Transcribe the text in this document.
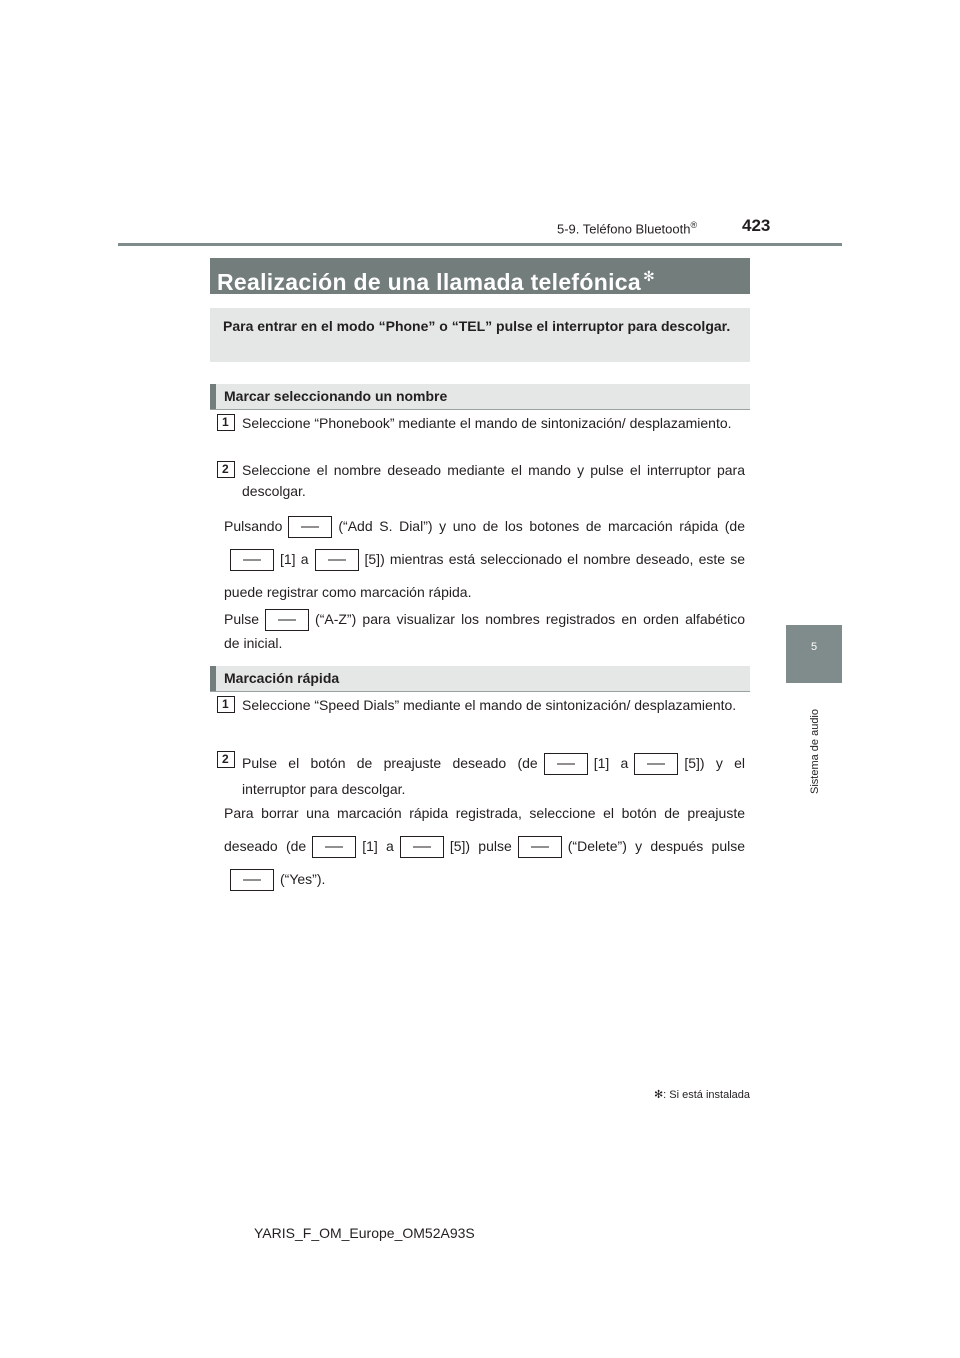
5-9. Teléfono Bluetooth®	423
5
Sistema de audio
Realización de una llamada telefónica ✻
Para entrar en el modo “Phone” o “TEL” pulse el interruptor para descolgar.
Marcar seleccionando un nombre
1 Seleccione “Phonebook” mediante el mando de sintonización/ desplazamiento.
2 Seleccione el nombre deseado mediante el mando y pulse el interruptor para descolgar.
Pulsando	(“Add S. Dial”) y uno de los botones de marcación rápida (de[1] a	[5]) mientras está seleccionado el nombre deseado, este se puede registrar como marcación rápida.
Pulse	(“A-Z”) para visualizar los nombres registrados en orden alfabético de inicial.
Marcación rápida
1 Seleccione “Speed Dials” mediante el mando de sintonización/ desplazamiento.
2 Pulse el botón de preajuste deseado (de	[1] a	[5]) y el interruptor para descolgar.
Para borrar una marcación rápida registrada, seleccione el botón de preajuste deseado (de	[1] a	[5]) pulse	(“Delete”) y después pulse(“Yes”).
✻: Si está instalada
YARIS_F_OM_Europe_OM52A93S
